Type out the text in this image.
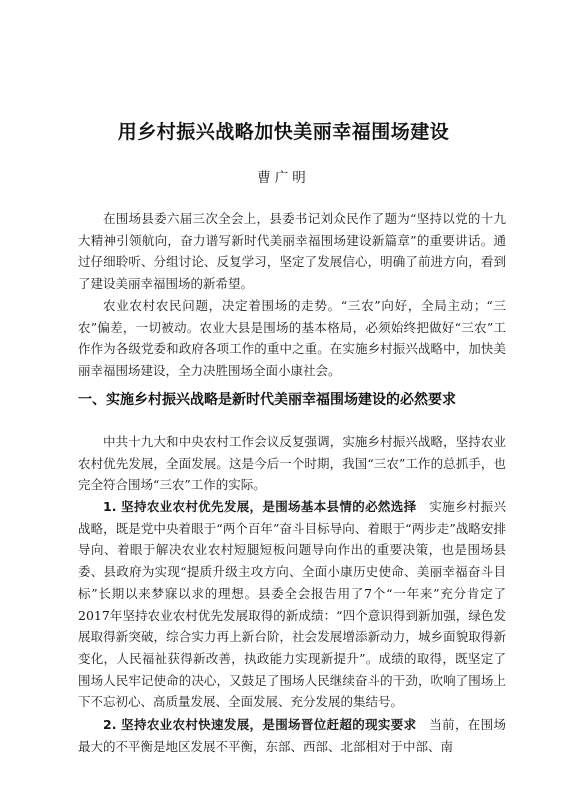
用乡村振兴战略加快美丽幸福围场建设
曹广明

在围场县委六届三次全会上，县委书记刘众民作了题为“坚持以党的十九大精神引领航向，奋力谱写新时代美丽幸福围场建设新篇章”的重要讲话。通过仔细聆听、分组讨论、反复学习，坚定了发展信心，明确了前进方向，看到了建设美丽幸福围场的新希望。

农业农村农民问题，决定着围场的走势。“三农”向好，全局主动；“三农”偏差，一切被动。农业大县是围场的基本格局，必须始终把做好“三农”工作作为各级党委和政府各项工作的重中之重。在实施乡村振兴战略中，加快美丽幸福围场建设，全力决胜围场全面小康社会。

一、实施乡村振兴战略是新时代美丽幸福围场建设的必然要求

中共十九大和中央农村工作会议反复强调，实施乡村振兴战略，坚持农业农村优先发展，全面发展。这是今后一个时期，我国“三农”工作的总抓手，也完全符合围场“三农”工作的实际。

1. 坚持农业农村优先发展，是围场基本县情的必然选择　实施乡村振兴战略，既是党中央着眼于“两个百年”奋斗目标导向、着眼于“两步走”战略安排导向、着眼于解决农业农村短腿短板问题导向作出的重要决策，也是围场县委、县政府为实现“提质升级主攻方向、全面小康历史使命、美丽幸福奋斗目标”长期以来梦寐以求的理想。县委全会报告用了7个“一年来”充分肯定了2017年坚持农业农村优先发展取得的新成绩：“四个意识得到新加强，绿色发展取得新突破，综合实力再上新台阶，社会发展增添新动力，城乡面貌取得新变化，人民福祉获得新改善，执政能力实现新提升”。成绩的取得，既坚定了围场人民牢记使命的决心，又鼓足了围场人民继续奋斗的干劲，吹响了围场上下不忘初心、高质量发展、全面发展、充分发展的集结号。

2. 坚持农业农村快速发展，是围场晋位赶超的现实要求　当前，在围场最大的不平衡是地区发展不平衡，东部、西部、北部相对于中部、南
